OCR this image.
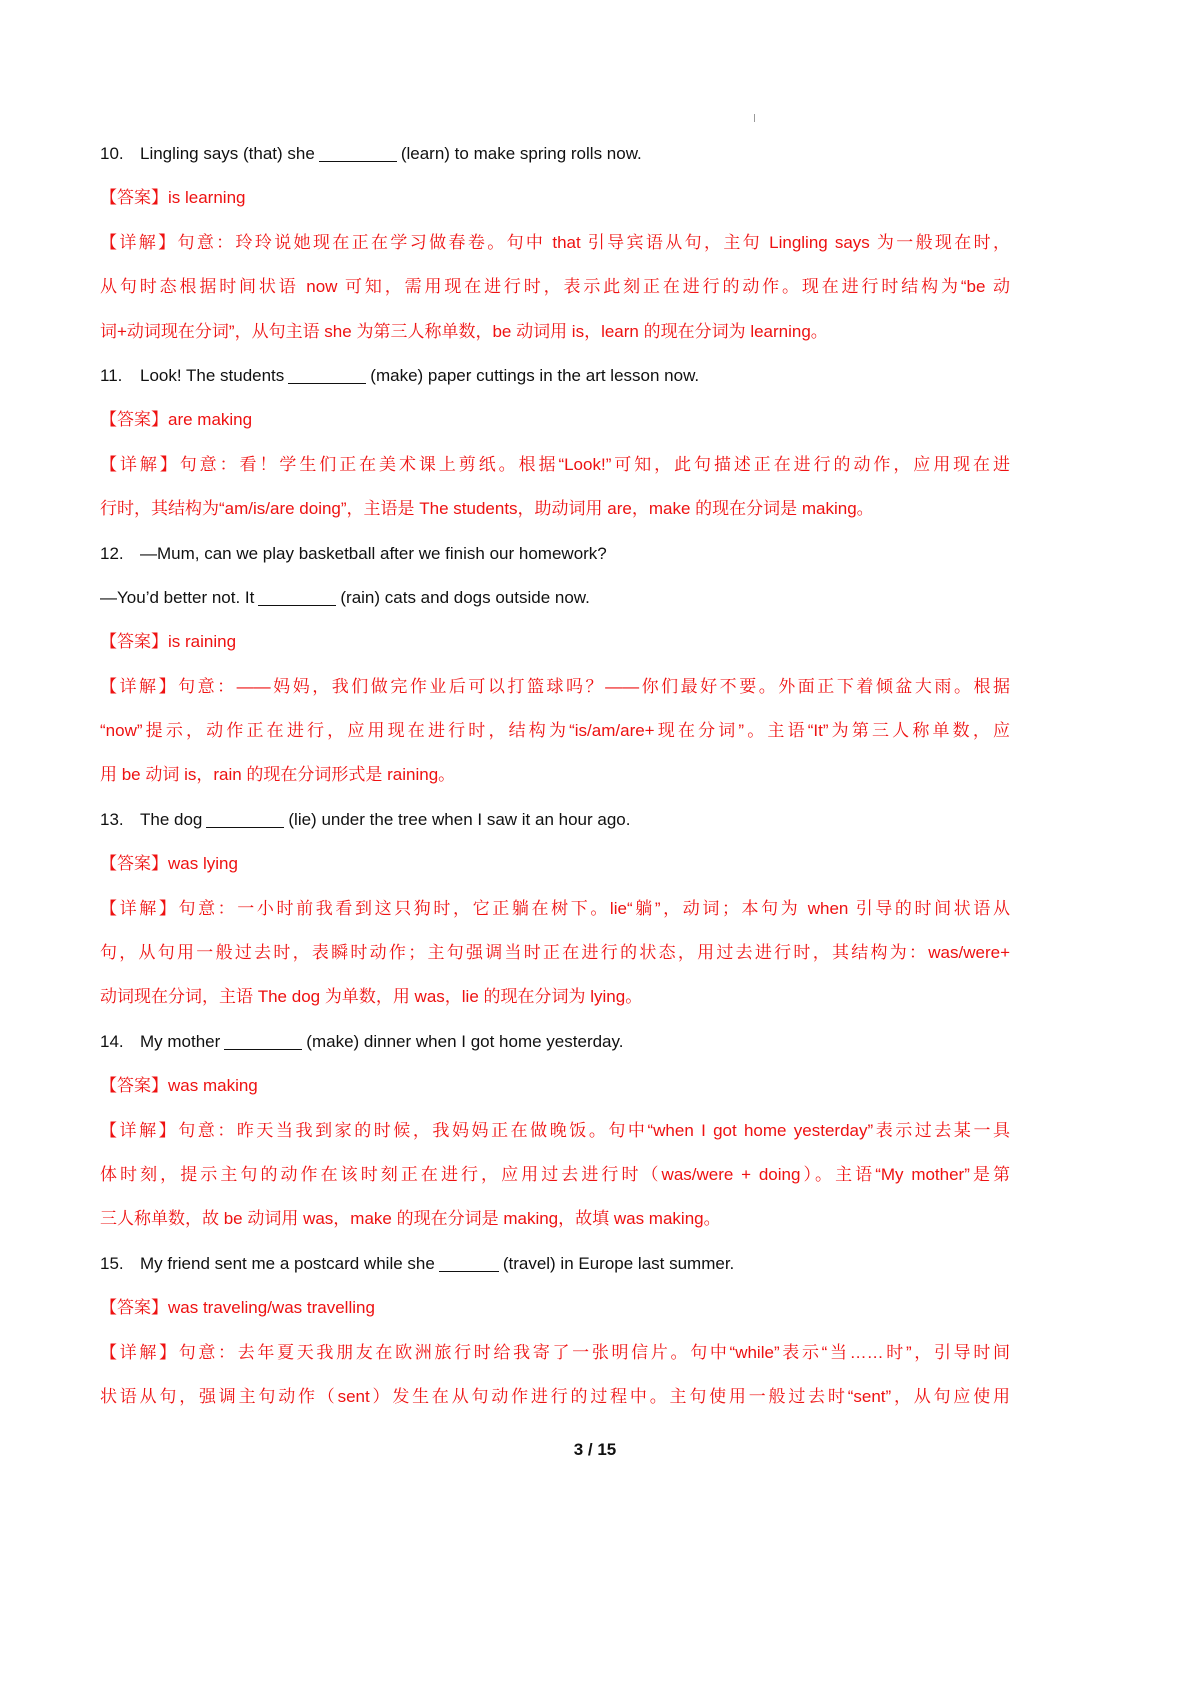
10. Lingling says (that) she	(learn) to make spring rolls now.
【答案】is learning
【详解】句意：玲玲说她现在正在学习做春卷。句中 that 引导宾语从句，主句 Lingling says 为一般现在时，
从句时态根据时间状语 now 可知，需用现在进行时，表示此刻正在进行的动作。现在进行时结构为“be 动
词+动词现在分词”，从句主语 she 为第三人称单数，be 动词用 is，learn 的现在分词为 learning。
11. Look! The students	(make) paper cuttings in the art lesson now.
【答案】are making
【详解】句意：看！学生们正在美术课上剪纸。根据“Look!”可知，此句描述正在进行的动作，应用现在进
行时，其结构为“am/is/are doing”，主语是 The students，助动词用 are，make 的现在分词是 making。
12. —Mum, can we play basketball after we finish our homework?
—You’d better not. It	(rain) cats and dogs outside now.
【答案】is raining
【详解】句意：——妈妈，我们做完作业后可以打篮球吗？——你们最好不要。外面正下着倾盆大雨。根据
“now”提示，动作正在进行，应用现在进行时，结构为“is/am/are+现在分词”。主语“It”为第三人称单数，应
用 be 动词 is，rain 的现在分词形式是 raining。
13. The dog	(lie) under the tree when I saw it an hour ago.
【答案】was lying
【详解】句意：一小时前我看到这只狗时，它正躺在树下。lie“躺”，动词；本句为 when 引导的时间状语从
句，从句用一般过去时，表瞬时动作；主句强调当时正在进行的状态，用过去进行时，其结构为：was/were+
动词现在分词，主语 The dog 为单数，用 was，lie 的现在分词为 lying。
14. My mother	(make) dinner when I got home yesterday.
【答案】was making
【详解】句意：昨天当我到家的时候，我妈妈正在做晚饭。句中“when I got home yesterday”表示过去某一具
体时刻，提示主句的动作在该时刻正在进行，应用过去进行时（was/were + doing）。主语“My mother”是第
三人称单数，故 be 动词用 was，make 的现在分词是 making，故填 was making。
15. My friend sent me a postcard while she	(travel) in Europe last summer.
【答案】was traveling/was travelling
【详解】句意：去年夏天我朋友在欧洲旅行时给我寄了一张明信片。句中“while”表示“当……时”，引导时间
状语从句，强调主句动作（sent）发生在从句动作进行的过程中。主句使用一般过去时“sent”，从句应使用
3 / 15
